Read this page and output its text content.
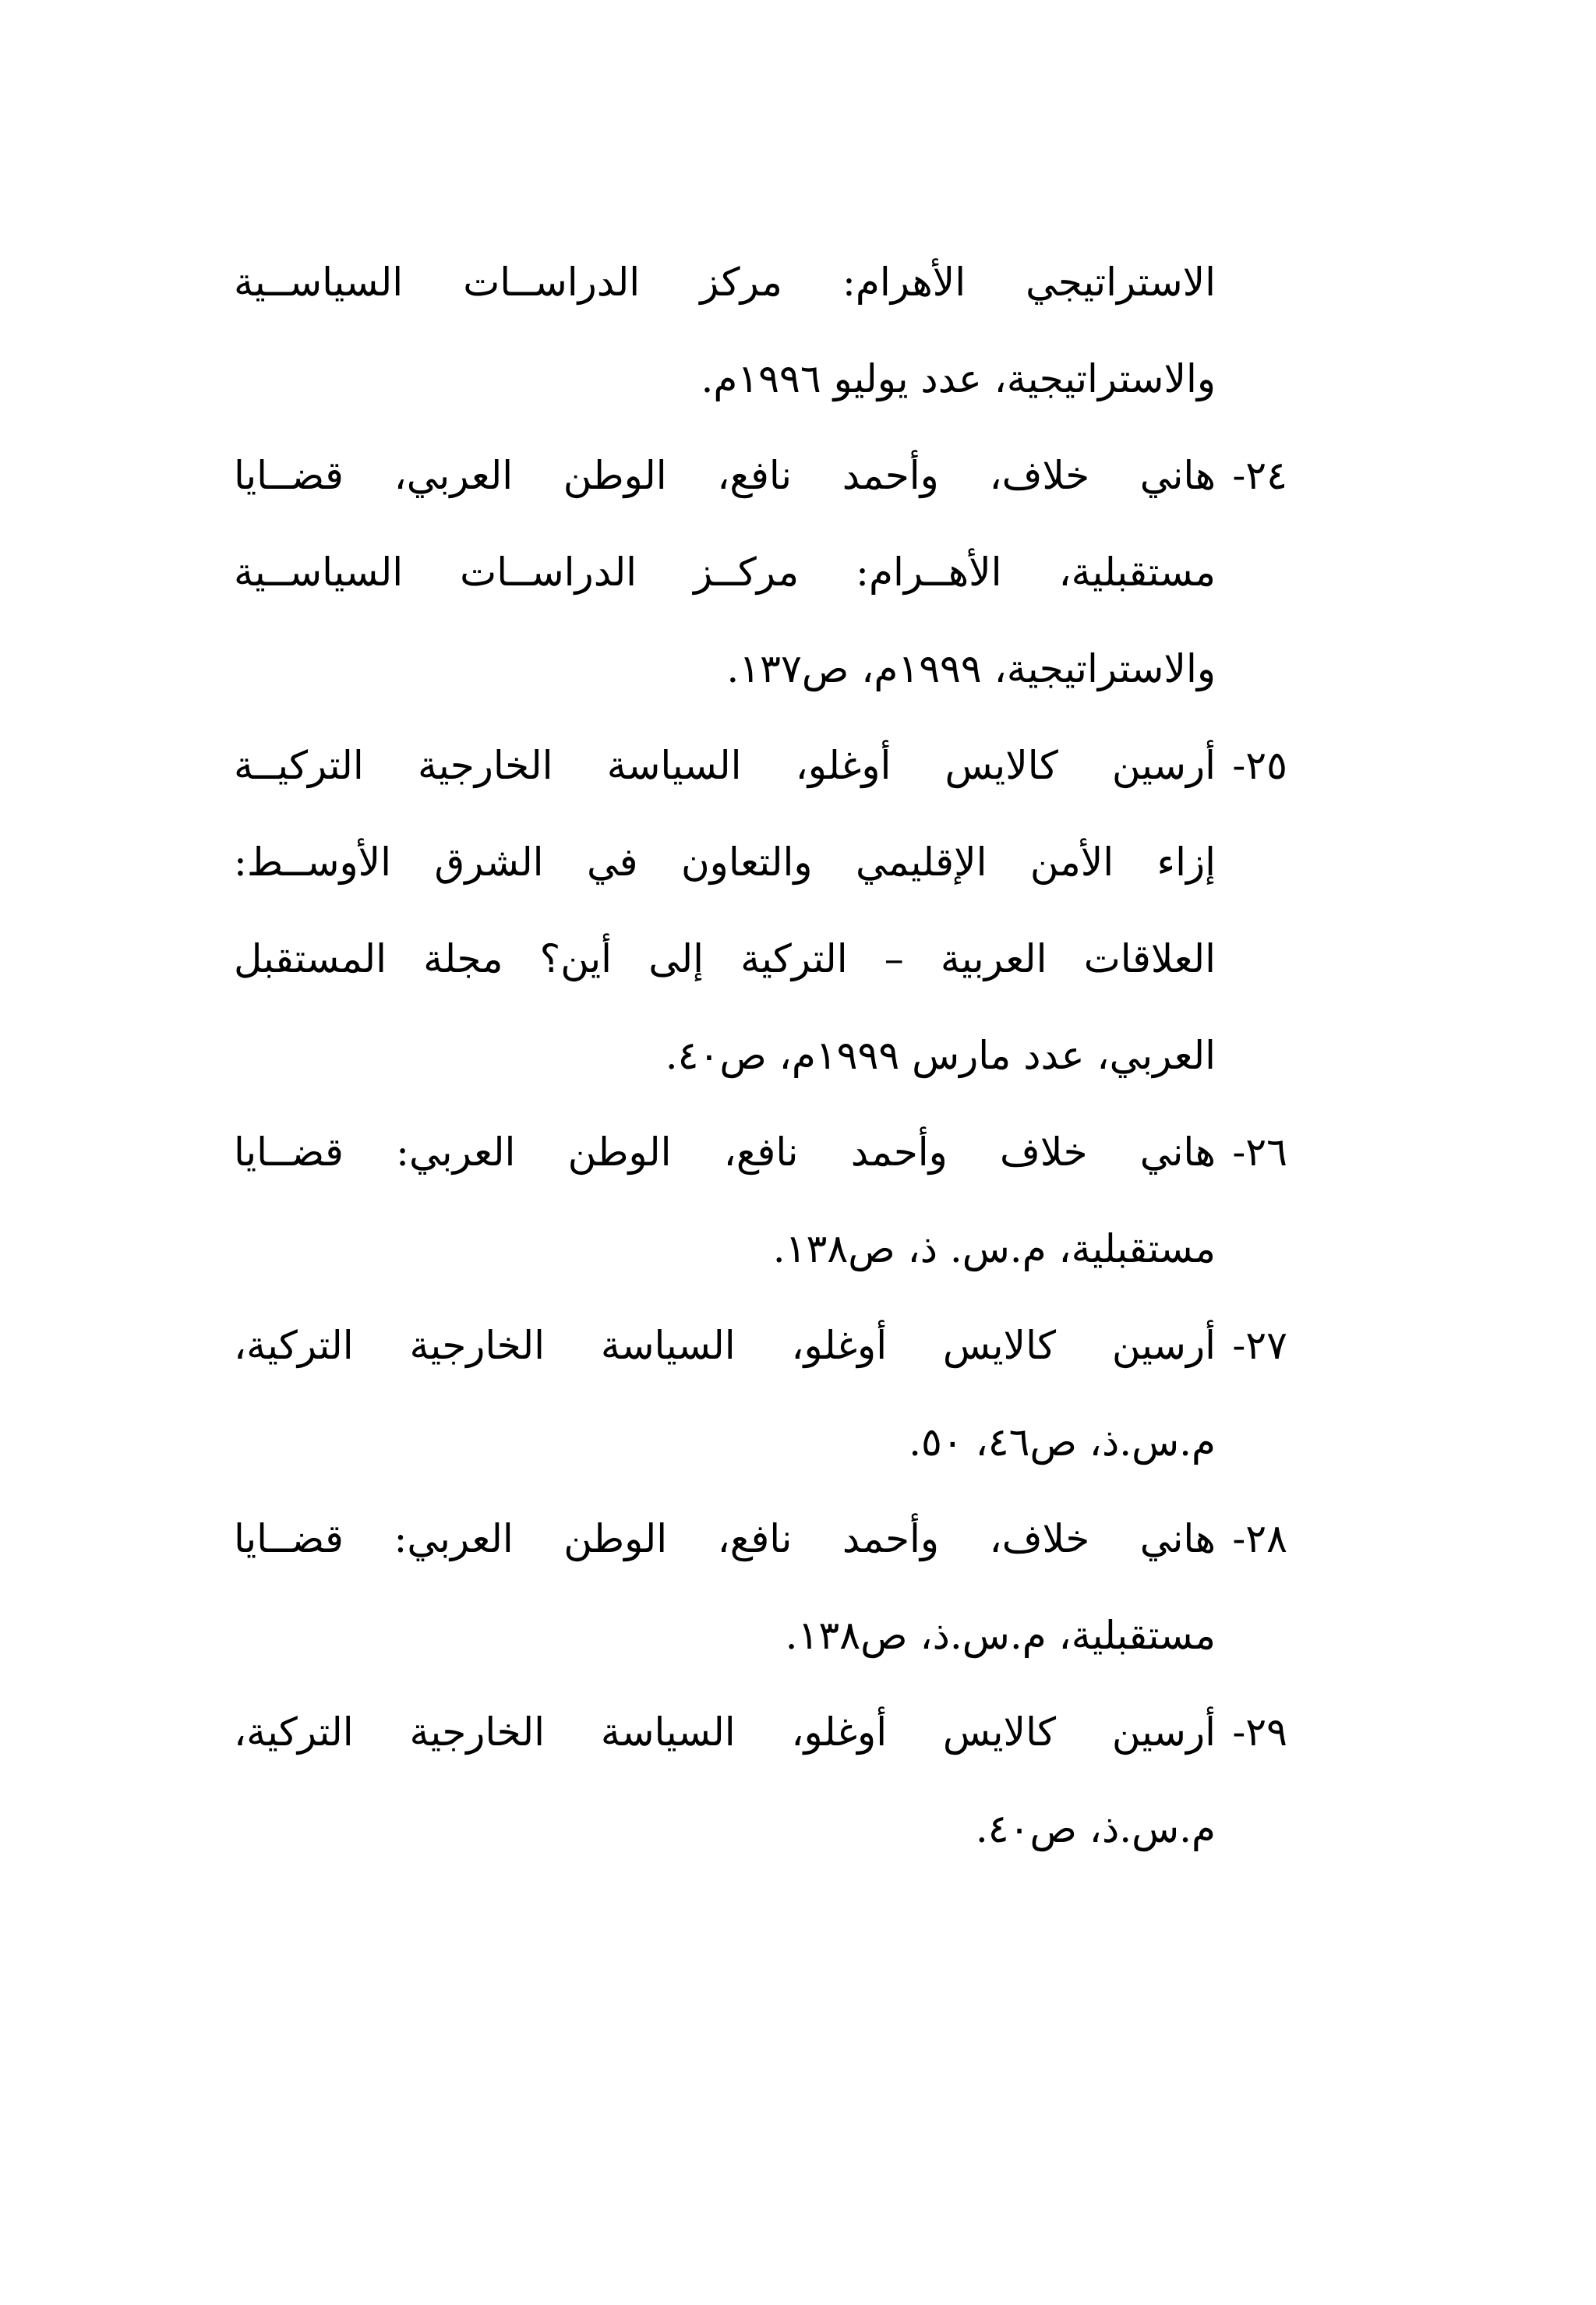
الاستراتيجي الأهرام: مركز الدراســات السياســية
والاستراتيجية، عدد يوليو ١٩٩٦م.
٢٤-
هاني خلاف، وأحمد نافع، الوطن العربي، قضــايا
مستقبلية، الأهــرام: مركــز الدراســات السياســية
والاستراتيجية، ١٩٩٩م، ص١٣٧.
٢٥-
أرسين كالايس أوغلو، السياسة الخارجية التركيــة
إزاء الأمن الإقليمي والتعاون في الشرق الأوســط:
العلاقات العربية – التركية إلى أين؟ مجلة المستقبل
العربي، عدد مارس ١٩٩٩م، ص٤٠.
٢٦-
هاني خلاف وأحمد نافع، الوطن العربي: قضــايا
مستقبلية، م.س. ذ، ص١٣٨.
٢٧-
أرسين كالايس أوغلو، السياسة الخارجية التركية،
م.س.ذ، ص٤٦، ٥٠.
٢٨-
هاني خلاف، وأحمد نافع، الوطن العربي: قضــايا
مستقبلية، م.س.ذ، ص١٣٨.
٢٩-
أرسين كالايس أوغلو، السياسة الخارجية التركية،
م.س.ذ، ص٤٠.
